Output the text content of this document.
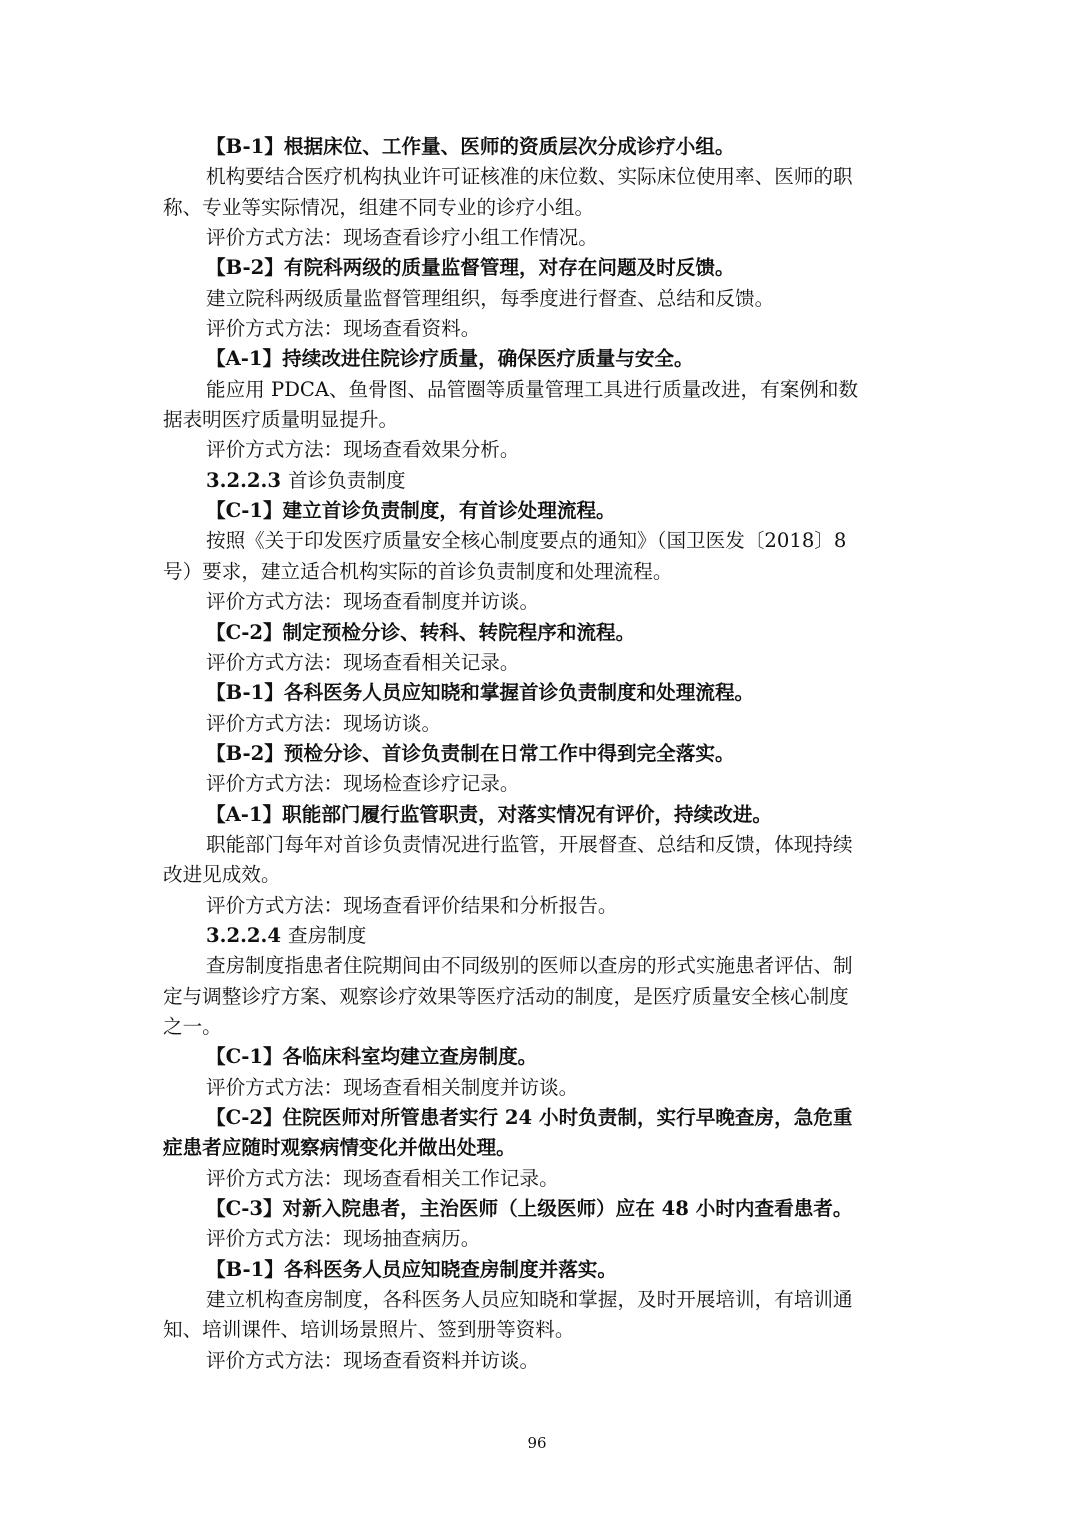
【B-1】根据床位、工作量、医师的资质层次分成诊疗小组。
机构要结合医疗机构执业许可证核准的床位数、实际床位使用率、医师的职
称、专业等实际情况，组建不同专业的诊疗小组。
评价方式方法：现场查看诊疗小组工作情况。
【B-2】有院科两级的质量监督管理，对存在问题及时反馈。
建立院科两级质量监督管理组织，每季度进行督查、总结和反馈。
评价方式方法：现场查看资料。
【A-1】持续改进住院诊疗质量，确保医疗质量与安全。
能应用 PDCA、鱼骨图、品管圈等质量管理工具进行质量改进，有案例和数
据表明医疗质量明显提升。
评价方式方法：现场查看效果分析。
3.2.2.3 首诊负责制度
【C-1】建立首诊负责制度，有首诊处理流程。
按照《关于印发医疗质量安全核心制度要点的通知》（国卫医发〔2018〕8
号）要求，建立适合机构实际的首诊负责制度和处理流程。
评价方式方法：现场查看制度并访谈。
【C-2】制定预检分诊、转科、转院程序和流程。
评价方式方法：现场查看相关记录。
【B-1】各科医务人员应知晓和掌握首诊负责制度和处理流程。
评价方式方法：现场访谈。
【B-2】预检分诊、首诊负责制在日常工作中得到完全落实。
评价方式方法：现场检查诊疗记录。
【A-1】职能部门履行监管职责，对落实情况有评价，持续改进。
职能部门每年对首诊负责情况进行监管，开展督查、总结和反馈，体现持续
改进见成效。
评价方式方法：现场查看评价结果和分析报告。
3.2.2.4 查房制度
查房制度指患者住院期间由不同级别的医师以查房的形式实施患者评估、制
定与调整诊疗方案、观察诊疗效果等医疗活动的制度，是医疗质量安全核心制度
之一。
【C-1】各临床科室均建立查房制度。
评价方式方法：现场查看相关制度并访谈。
【C-2】住院医师对所管患者实行 24 小时负责制，实行早晚查房，急危重
症患者应随时观察病情变化并做出处理。
评价方式方法：现场查看相关工作记录。
【C-3】对新入院患者，主治医师（上级医师）应在 48 小时内查看患者。
评价方式方法：现场抽查病历。
【B-1】各科医务人员应知晓查房制度并落实。
建立机构查房制度，各科医务人员应知晓和掌握，及时开展培训，有培训通
知、培训课件、培训场景照片、签到册等资料。
评价方式方法：现场查看资料并访谈。
96
